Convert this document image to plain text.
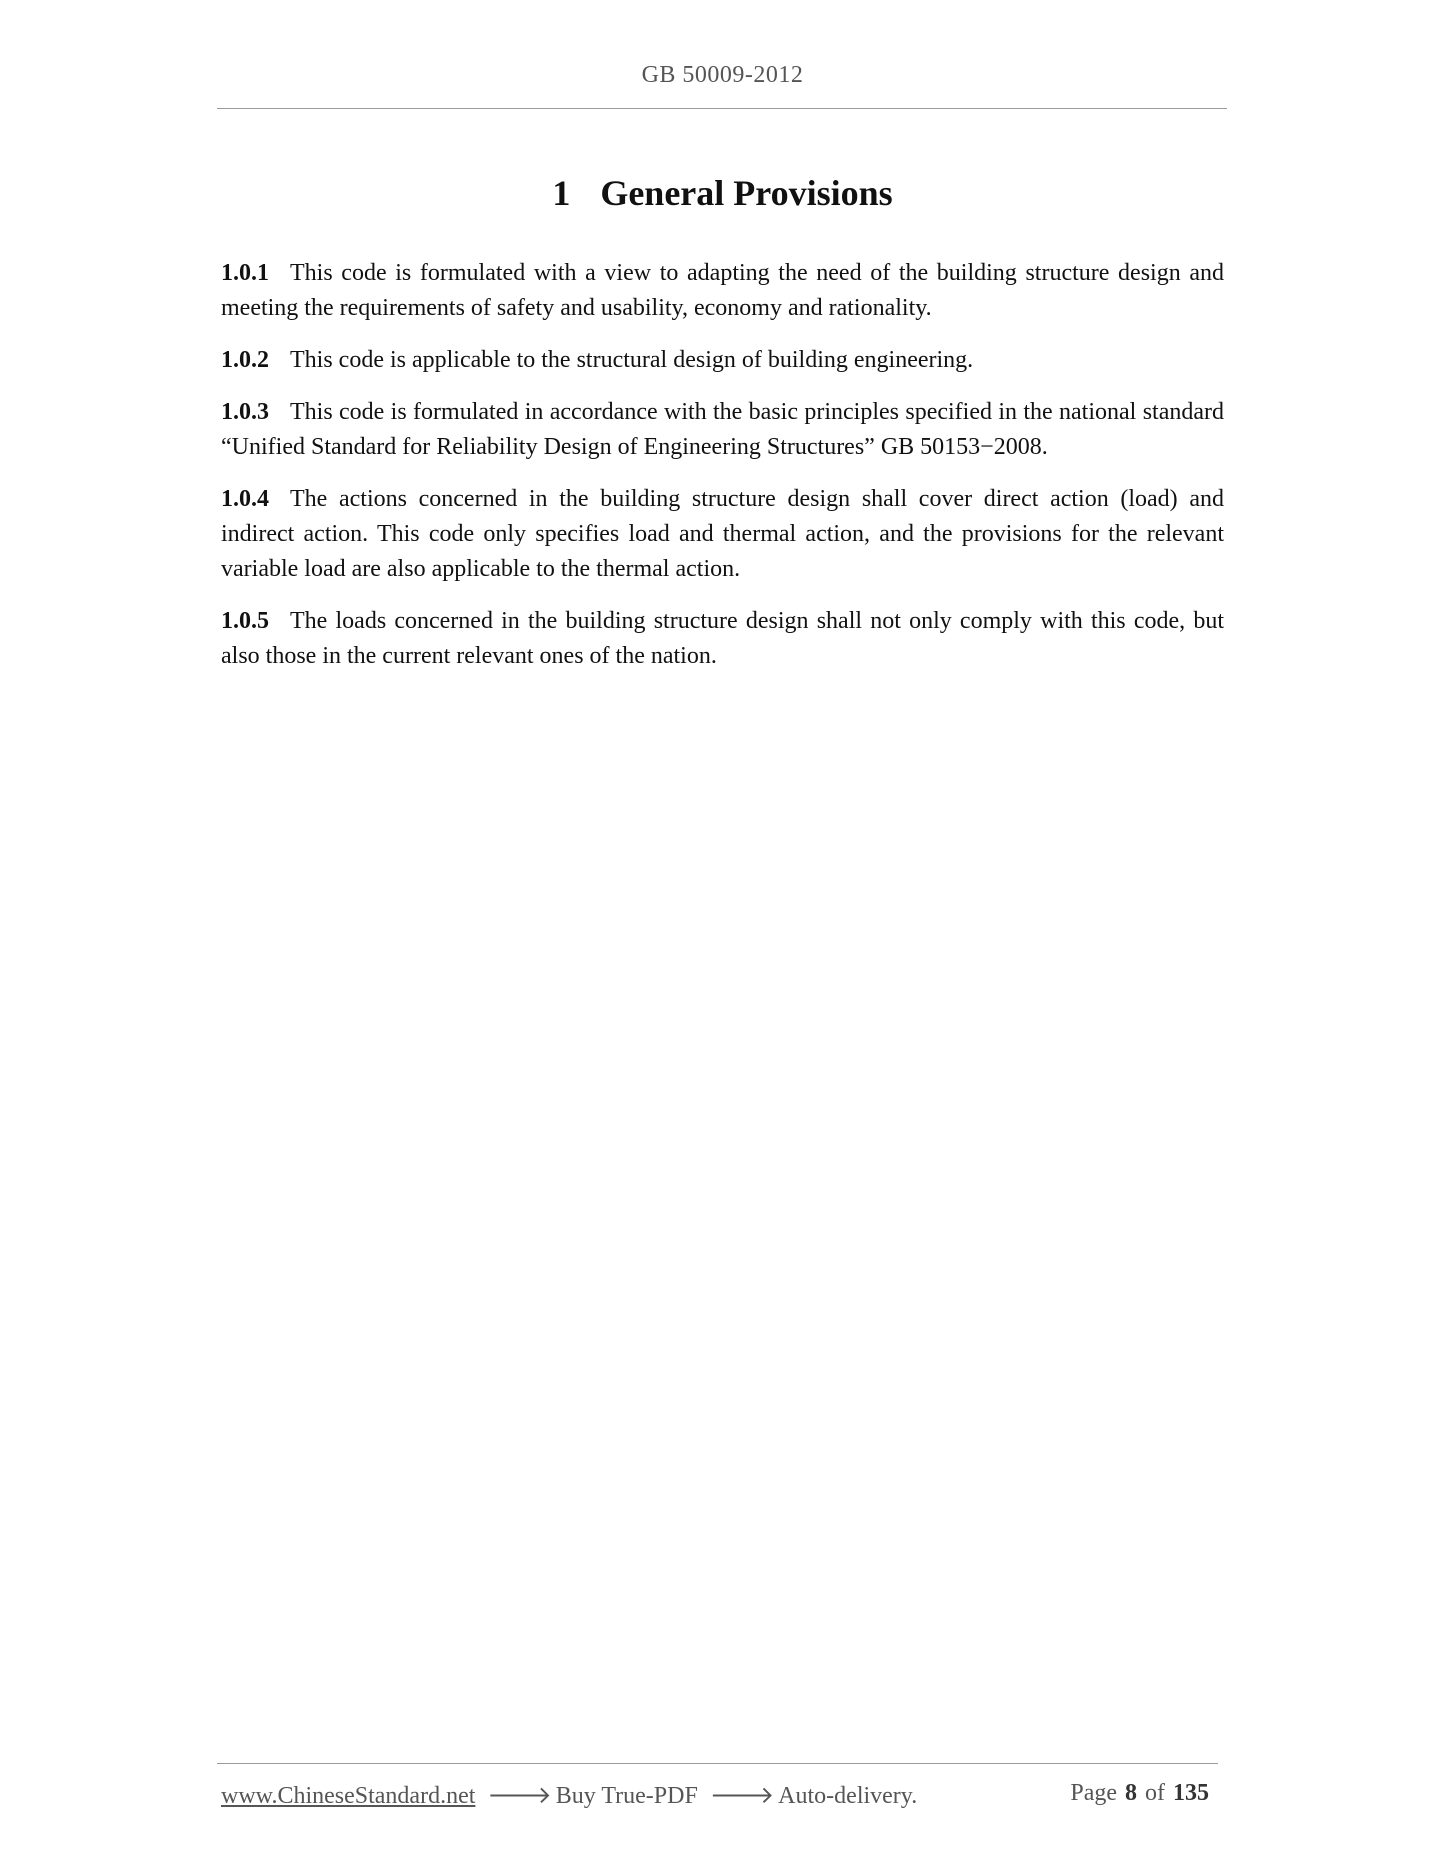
GB 50009-2012
1 General Provisions

1.0.1 This code is formulated with a view to adapting the need of the building structure design and meeting the requirements of safety and usability, economy and rationality.

1.0.2 This code is applicable to the structural design of building engineering.

1.0.3 This code is formulated in accordance with the basic principles specified in the national standard “Unified Standard for Reliability Design of Engineering Structures” GB 50153−2008.

1.0.4 The actions concerned in the building structure design shall cover direct action (load) and indirect action. This code only specifies load and thermal action, and the provisions for the relevant variable load are also applicable to the thermal action.

1.0.5 The loads concerned in the building structure design shall not only comply with this code, but also those in the current relevant ones of the nation.

www.ChineseStandard.net 🡒 Buy True-PDF 🡒 Auto-delivery.	Page 8 of 135
